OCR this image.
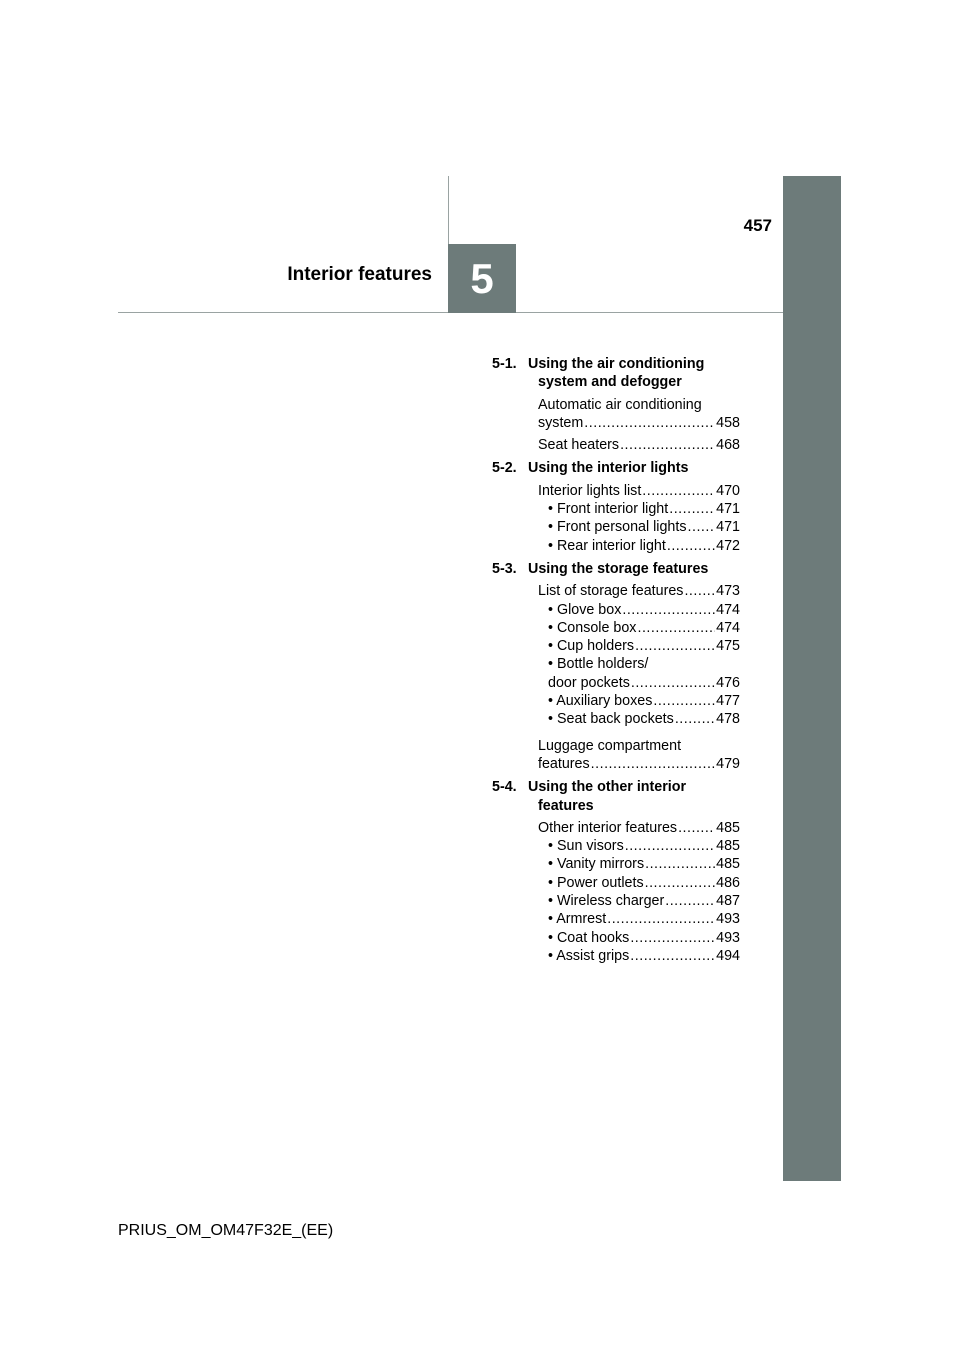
457
Interior features 5
5-1. Using the air conditioning system and defogger
Automatic air conditioning
system .....	458
Seat heaters .....	468
5-2. Using the interior lights
Interior lights list .....	470
• Front interior light .....	471
• Front personal lights ..... 471
• Rear interior light .....	472
5-3. Using the storage features
List of storage features ..... 473
• Glove box .....	474
• Console box .....	474
• Cup holders .....	475
• Bottle holders/
door pockets .....	476
• Auxiliary boxes .....	477
• Seat back pockets .....	478
Luggage compartment
features .....	479
5-4. Using the other interior features
Other interior features .....	485
• Sun visors .....	485
• Vanity mirrors .....	485
• Power outlets .....	486
• Wireless charger .....	487
• Armrest .....	493
• Coat hooks .....	493
• Assist grips .....	494
PRIUS_OM_OM47F32E_(EE)
